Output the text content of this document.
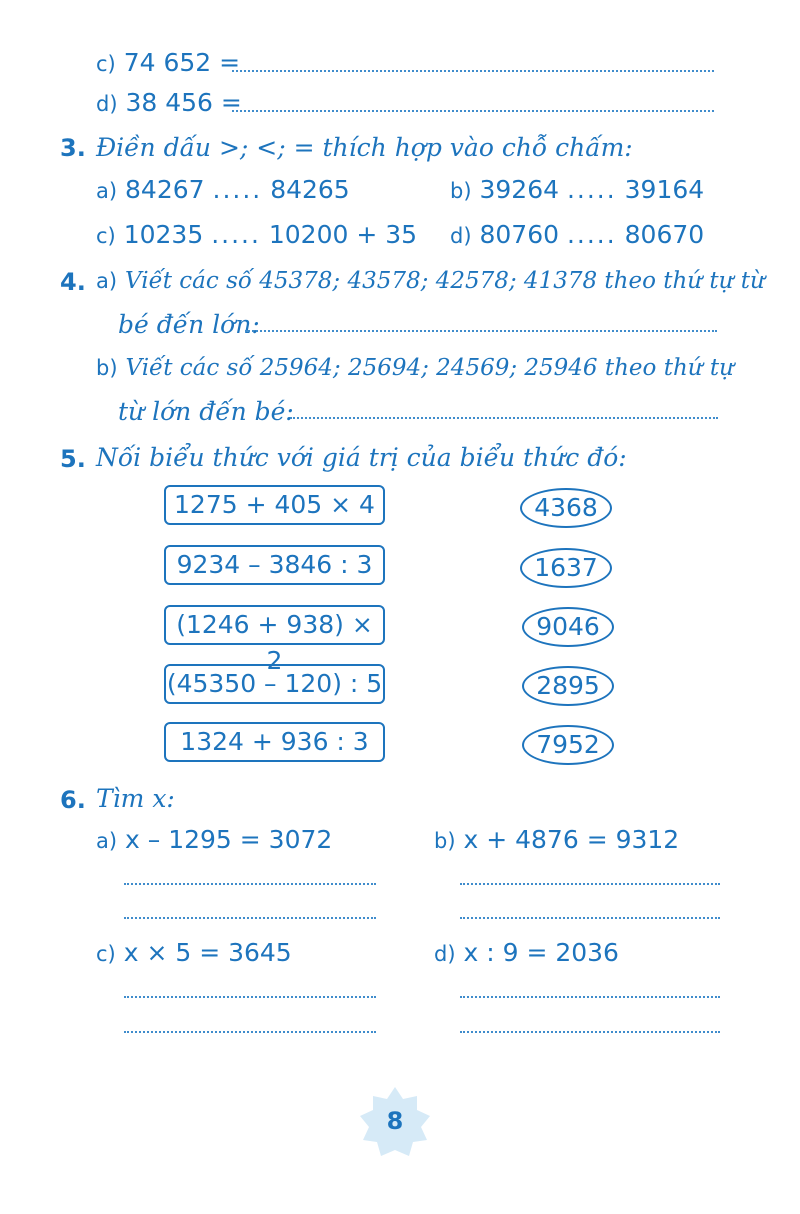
c) 74 652 =
d) 38 456 =
3. Điền dấu >; <; = thích hợp vào chỗ chấm:
a) 84267 ..... 84265	b) 39264 ..... 39164
c) 10235 ..... 10200 + 35 d) 80760 ..... 80670
4. a) Viết các số 45378; 43578; 42578; 41378 theo thứ tự từ
bé đến lớn:
b) Viết các số 25964; 25694; 24569; 25946 theo thứ tự
từ lớn đến bé:
5. Nối biểu thức với giá trị của biểu thức đó:
1275 + 405 × 4
9234 – 3846 : 3
(1246 + 938) × 2
(45350 – 120) : 5
1324 + 936 : 3
4368
1637
9046
2895
7952
6. Tìm x:
a) x – 1295 = 3072	b) x + 4876 = 9312
c) x × 5 = 3645	d) x : 9 = 2036
8
